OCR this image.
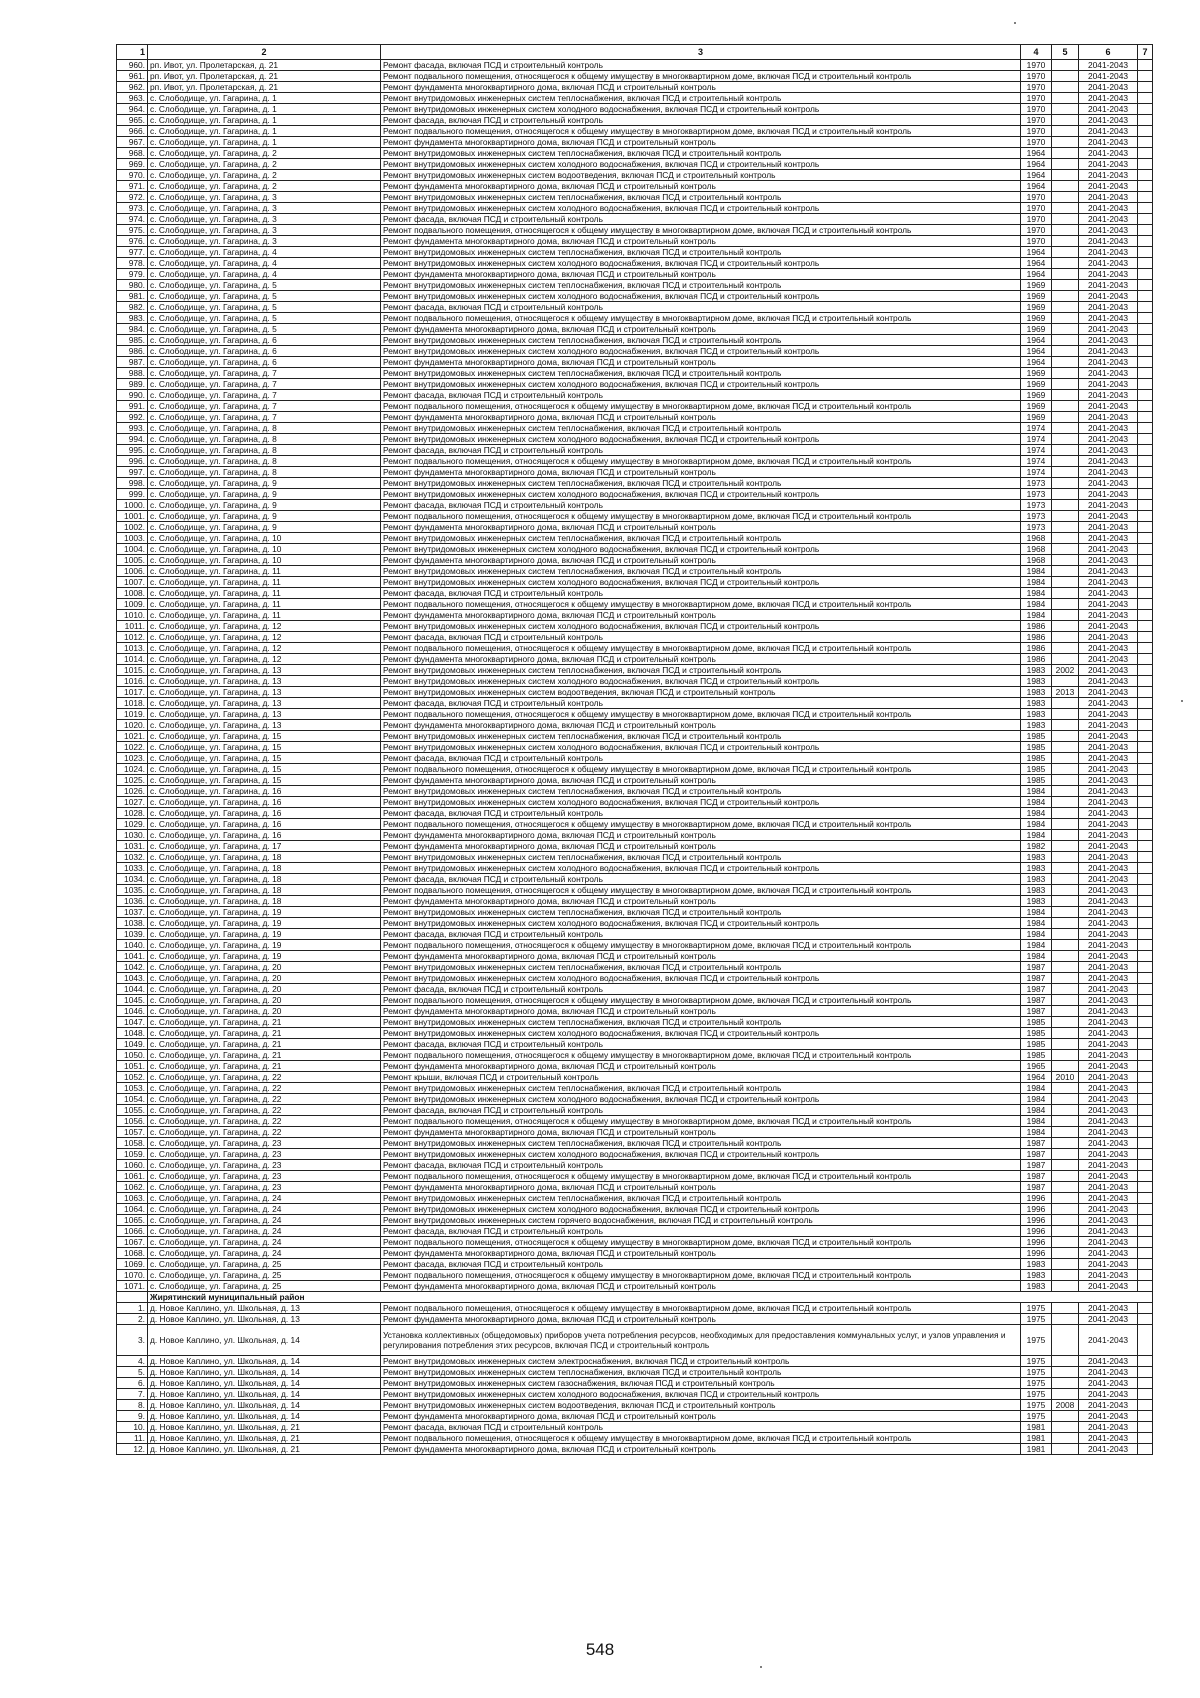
1	2	3	4	5	6	7
960.	рп. Ивот, ул. Пролетарская, д. 21	Ремонт фасада, включая ПСД и строительный контроль	1970		2041-2043	
961.	рп. Ивот, ул. Пролетарская, д. 21	Ремонт подвального помещения, относящегося к общему имуществу в многоквартирном доме, включая ПСД и строительный контроль	1970		2041-2043	
962.	рп. Ивот, ул. Пролетарская, д. 21	Ремонт фундамента многоквартирного дома, включая ПСД и строительный контроль	1970		2041-2043	
963.	с. Слободище, ул. Гагарина, д. 1	Ремонт внутридомовых инженерных систем теплоснабжения, включая ПСД и строительный контроль	1970		2041-2043	
964.	с. Слободище, ул. Гагарина, д. 1	Ремонт внутридомовых инженерных систем холодного водоснабжения, включая ПСД и строительный контроль	1970		2041-2043	
965.	с. Слободище, ул. Гагарина, д. 1	Ремонт фасада, включая ПСД и строительный контроль	1970		2041-2043	
966.	с. Слободище, ул. Гагарина, д. 1	Ремонт подвального помещения, относящегося к общему имуществу в многоквартирном доме, включая ПСД и строительный контроль	1970		2041-2043	
967.	с. Слободище, ул. Гагарина, д. 1	Ремонт фундамента многоквартирного дома, включая ПСД и строительный контроль	1970		2041-2043	
968.	с. Слободище, ул. Гагарина, д. 2	Ремонт внутридомовых инженерных систем теплоснабжения, включая ПСД и строительный контроль	1964		2041-2043	
969.	с. Слободище, ул. Гагарина, д. 2	Ремонт внутридомовых инженерных систем холодного водоснабжения, включая ПСД и строительный контроль	1964		2041-2043	
970.	с. Слободище, ул. Гагарина, д. 2	Ремонт внутридомовых инженерных систем водоотведения, включая ПСД и строительный контроль	1964		2041-2043	
971.	с. Слободище, ул. Гагарина, д. 2	Ремонт фундамента многоквартирного дома, включая ПСД и строительный контроль	1964		2041-2043	
972.	с. Слободище, ул. Гагарина, д. 3	Ремонт внутридомовых инженерных систем теплоснабжения, включая ПСД и строительный контроль	1970		2041-2043	
973.	с. Слободище, ул. Гагарина, д. 3	Ремонт внутридомовых инженерных систем холодного водоснабжения, включая ПСД и строительный контроль	1970		2041-2043	
974.	с. Слободище, ул. Гагарина, д. 3	Ремонт фасада, включая ПСД и строительный контроль	1970		2041-2043	
975.	с. Слободище, ул. Гагарина, д. 3	Ремонт подвального помещения, относящегося к общему имуществу в многоквартирном доме, включая ПСД и строительный контроль	1970		2041-2043	
976.	с. Слободище, ул. Гагарина, д. 3	Ремонт фундамента многоквартирного дома, включая ПСД и строительный контроль	1970		2041-2043	
977.	с. Слободище, ул. Гагарина, д. 4	Ремонт внутридомовых инженерных систем теплоснабжения, включая ПСД и строительный контроль	1964		2041-2043	
978.	с. Слободище, ул. Гагарина, д. 4	Ремонт внутридомовых инженерных систем холодного водоснабжения, включая ПСД и строительный контроль	1964		2041-2043	
979.	с. Слободище, ул. Гагарина, д. 4	Ремонт фундамента многоквартирного дома, включая ПСД и строительный контроль	1964		2041-2043	
980.	с. Слободище, ул. Гагарина, д. 5	Ремонт внутридомовых инженерных систем теплоснабжения, включая ПСД и строительный контроль	1969		2041-2043	
981.	с. Слободище, ул. Гагарина, д. 5	Ремонт внутридомовых инженерных систем холодного водоснабжения, включая ПСД и строительный контроль	1969		2041-2043	
982.	с. Слободище, ул. Гагарина, д. 5	Ремонт фасада, включая ПСД и строительный контроль	1969		2041-2043	
983.	с. Слободище, ул. Гагарина, д. 5	Ремонт подвального помещения, относящегося к общему имуществу в многоквартирном доме, включая ПСД и строительный контроль	1969		2041-2043	
984.	с. Слободище, ул. Гагарина, д. 5	Ремонт фундамента многоквартирного дома, включая ПСД и строительный контроль	1969		2041-2043	
985.	с. Слободище, ул. Гагарина, д. 6	Ремонт внутридомовых инженерных систем теплоснабжения, включая ПСД и строительный контроль	1964		2041-2043	
986.	с. Слободище, ул. Гагарина, д. 6	Ремонт внутридомовых инженерных систем холодного водоснабжения, включая ПСД и строительный контроль	1964		2041-2043	
987.	с. Слободище, ул. Гагарина, д. 6	Ремонт фундамента многоквартирного дома, включая ПСД и строительный контроль	1964		2041-2043	
988.	с. Слободище, ул. Гагарина, д. 7	Ремонт внутридомовых инженерных систем теплоснабжения, включая ПСД и строительный контроль	1969		2041-2043	
989.	с. Слободище, ул. Гагарина, д. 7	Ремонт внутридомовых инженерных систем холодного водоснабжения, включая ПСД и строительный контроль	1969		2041-2043	
990.	с. Слободище, ул. Гагарина, д. 7	Ремонт фасада, включая ПСД и строительный контроль	1969		2041-2043	
991.	с. Слободище, ул. Гагарина, д. 7	Ремонт подвального помещения, относящегося к общему имуществу в многоквартирном доме, включая ПСД и строительный контроль	1969		2041-2043	
992.	с. Слободище, ул. Гагарина, д. 7	Ремонт фундамента многоквартирного дома, включая ПСД и строительный контроль	1969		2041-2043	
993.	с. Слободище, ул. Гагарина, д. 8	Ремонт внутридомовых инженерных систем теплоснабжения, включая ПСД и строительный контроль	1974		2041-2043	
994.	с. Слободище, ул. Гагарина, д. 8	Ремонт внутридомовых инженерных систем холодного водоснабжения, включая ПСД и строительный контроль	1974		2041-2043	
995.	с. Слободище, ул. Гагарина, д. 8	Ремонт фасада, включая ПСД и строительный контроль	1974		2041-2043	
996.	с. Слободище, ул. Гагарина, д. 8	Ремонт подвального помещения, относящегося к общему имуществу в многоквартирном доме, включая ПСД и строительный контроль	1974		2041-2043	
997.	с. Слободище, ул. Гагарина, д. 8	Ремонт фундамента многоквартирного дома, включая ПСД и строительный контроль	1974		2041-2043	
998.	с. Слободище, ул. Гагарина, д. 9	Ремонт внутридомовых инженерных систем теплоснабжения, включая ПСД и строительный контроль	1973		2041-2043	
999.	с. Слободище, ул. Гагарина, д. 9	Ремонт внутридомовых инженерных систем холодного водоснабжения, включая ПСД и строительный контроль	1973		2041-2043	
1000.	с. Слободище, ул. Гагарина, д. 9	Ремонт фасада, включая ПСД и строительный контроль	1973		2041-2043	
1001.	с. Слободище, ул. Гагарина, д. 9	Ремонт подвального помещения, относящегося к общему имуществу в многоквартирном доме, включая ПСД и строительный контроль	1973		2041-2043	
1002.	с. Слободище, ул. Гагарина, д. 9	Ремонт фундамента многоквартирного дома, включая ПСД и строительный контроль	1973		2041-2043	
1003.	с. Слободище, ул. Гагарина, д. 10	Ремонт внутридомовых инженерных систем теплоснабжения, включая ПСД и строительный контроль	1968		2041-2043	
1004.	с. Слободище, ул. Гагарина, д. 10	Ремонт внутридомовых инженерных систем холодного водоснабжения, включая ПСД и строительный контроль	1968		2041-2043	
1005.	с. Слободище, ул. Гагарина, д. 10	Ремонт фундамента многоквартирного дома, включая ПСД и строительный контроль	1968		2041-2043	
1006.	с. Слободище, ул. Гагарина, д. 11	Ремонт внутридомовых инженерных систем теплоснабжения, включая ПСД и строительный контроль	1984		2041-2043	
1007.	с. Слободище, ул. Гагарина, д. 11	Ремонт внутридомовых инженерных систем холодного водоснабжения, включая ПСД и строительный контроль	1984		2041-2043	
1008.	с. Слободище, ул. Гагарина, д. 11	Ремонт фасада, включая ПСД и строительный контроль	1984		2041-2043	
1009.	с. Слободище, ул. Гагарина, д. 11	Ремонт подвального помещения, относящегося к общему имуществу в многоквартирном доме, включая ПСД и строительный контроль	1984		2041-2043	
1010.	с. Слободище, ул. Гагарина, д. 11	Ремонт фундамента многоквартирного дома, включая ПСД и строительный контроль	1984		2041-2043	
1011.	с. Слободище, ул. Гагарина, д. 12	Ремонт внутридомовых инженерных систем холодного водоснабжения, включая ПСД и строительный контроль	1986		2041-2043	
1012.	с. Слободище, ул. Гагарина, д. 12	Ремонт фасада, включая ПСД и строительный контроль	1986		2041-2043	
1013.	с. Слободище, ул. Гагарина, д. 12	Ремонт подвального помещения, относящегося к общему имуществу в многоквартирном доме, включая ПСД и строительный контроль	1986		2041-2043	
1014.	с. Слободище, ул. Гагарина, д. 12	Ремонт фундамента многоквартирного дома, включая ПСД и строительный контроль	1986		2041-2043	
1015.	с. Слободище, ул. Гагарина, д. 13	Ремонт внутридомовых инженерных систем теплоснабжения, включая ПСД и строительный контроль	1983	2002	2041-2043	
1016.	с. Слободище, ул. Гагарина, д. 13	Ремонт внутридомовых инженерных систем холодного водоснабжения, включая ПСД и строительный контроль	1983		2041-2043	
1017.	с. Слободище, ул. Гагарина, д. 13	Ремонт внутридомовых инженерных систем водоотведения, включая ПСД и строительный контроль	1983	2013	2041-2043	
1018.	с. Слободище, ул. Гагарина, д. 13	Ремонт фасада, включая ПСД и строительный контроль	1983		2041-2043	
1019.	с. Слободище, ул. Гагарина, д. 13	Ремонт подвального помещения, относящегося к общему имуществу в многоквартирном доме, включая ПСД и строительный контроль	1983		2041-2043	
1020.	с. Слободище, ул. Гагарина, д. 13	Ремонт фундамента многоквартирного дома, включая ПСД и строительный контроль	1983		2041-2043	
1021.	с. Слободище, ул. Гагарина, д. 15	Ремонт внутридомовых инженерных систем теплоснабжения, включая ПСД и строительный контроль	1985		2041-2043	
1022.	с. Слободище, ул. Гагарина, д. 15	Ремонт внутридомовых инженерных систем холодного водоснабжения, включая ПСД и строительный контроль	1985		2041-2043	
1023.	с. Слободище, ул. Гагарина, д. 15	Ремонт фасада, включая ПСД и строительный контроль	1985		2041-2043	
1024.	с. Слободище, ул. Гагарина, д. 15	Ремонт подвального помещения, относящегося к общему имуществу в многоквартирном доме, включая ПСД и строительный контроль	1985		2041-2043	
1025.	с. Слободище, ул. Гагарина, д. 15	Ремонт фундамента многоквартирного дома, включая ПСД и строительный контроль	1985		2041-2043	
1026.	с. Слободище, ул. Гагарина, д. 16	Ремонт внутридомовых инженерных систем теплоснабжения, включая ПСД и строительный контроль	1984		2041-2043	
1027.	с. Слободище, ул. Гагарина, д. 16	Ремонт внутридомовых инженерных систем холодного водоснабжения, включая ПСД и строительный контроль	1984		2041-2043	
1028.	с. Слободище, ул. Гагарина, д. 16	Ремонт фасада, включая ПСД и строительный контроль	1984		2041-2043	
1029.	с. Слободище, ул. Гагарина, д. 16	Ремонт подвального помещения, относящегося к общему имуществу в многоквартирном доме, включая ПСД и строительный контроль	1984		2041-2043	
1030.	с. Слободище, ул. Гагарина, д. 16	Ремонт фундамента многоквартирного дома, включая ПСД и строительный контроль	1984		2041-2043	
1031.	с. Слободище, ул. Гагарина, д. 17	Ремонт фундамента многоквартирного дома, включая ПСД и строительный контроль	1982		2041-2043	
1032.	с. Слободище, ул. Гагарина, д. 18	Ремонт внутридомовых инженерных систем теплоснабжения, включая ПСД и строительный контроль	1983		2041-2043	
1033.	с. Слободище, ул. Гагарина, д. 18	Ремонт внутридомовых инженерных систем холодного водоснабжения, включая ПСД и строительный контроль	1983		2041-2043	
1034.	с. Слободище, ул. Гагарина, д. 18	Ремонт фасада, включая ПСД и строительный контроль	1983		2041-2043	
1035.	с. Слободище, ул. Гагарина, д. 18	Ремонт подвального помещения, относящегося к общему имуществу в многоквартирном доме, включая ПСД и строительный контроль	1983		2041-2043	
1036.	с. Слободище, ул. Гагарина, д. 18	Ремонт фундамента многоквартирного дома, включая ПСД и строительный контроль	1983		2041-2043	
1037.	с. Слободище, ул. Гагарина, д. 19	Ремонт внутридомовых инженерных систем теплоснабжения, включая ПСД и строительный контроль	1984		2041-2043	
1038.	с. Слободище, ул. Гагарина, д. 19	Ремонт внутридомовых инженерных систем холодного водоснабжения, включая ПСД и строительный контроль	1984		2041-2043	
1039.	с. Слободище, ул. Гагарина, д. 19	Ремонт фасада, включая ПСД и строительный контроль	1984		2041-2043	
1040.	с. Слободище, ул. Гагарина, д. 19	Ремонт подвального помещения, относящегося к общему имуществу в многоквартирном доме, включая ПСД и строительный контроль	1984		2041-2043	
1041.	с. Слободище, ул. Гагарина, д. 19	Ремонт фундамента многоквартирного дома, включая ПСД и строительный контроль	1984		2041-2043	
1042.	с. Слободище, ул. Гагарина, д. 20	Ремонт внутридомовых инженерных систем теплоснабжения, включая ПСД и строительный контроль	1987		2041-2043	
1043.	с. Слободище, ул. Гагарина, д. 20	Ремонт внутридомовых инженерных систем холодного водоснабжения, включая ПСД и строительный контроль	1987		2041-2043	
1044.	с. Слободище, ул. Гагарина, д. 20	Ремонт фасада, включая ПСД и строительный контроль	1987		2041-2043	
1045.	с. Слободище, ул. Гагарина, д. 20	Ремонт подвального помещения, относящегося к общему имуществу в многоквартирном доме, включая ПСД и строительный контроль	1987		2041-2043	
1046.	с. Слободище, ул. Гагарина, д. 20	Ремонт фундамента многоквартирного дома, включая ПСД и строительный контроль	1987		2041-2043	
1047.	с. Слободище, ул. Гагарина, д. 21	Ремонт внутридомовых инженерных систем теплоснабжения, включая ПСД и строительный контроль	1985		2041-2043	
1048.	с. Слободище, ул. Гагарина, д. 21	Ремонт внутридомовых инженерных систем холодного водоснабжения, включая ПСД и строительный контроль	1985		2041-2043	
1049.	с. Слободище, ул. Гагарина, д. 21	Ремонт фасада, включая ПСД и строительный контроль	1985		2041-2043	
1050.	с. Слободище, ул. Гагарина, д. 21	Ремонт подвального помещения, относящегося к общему имуществу в многоквартирном доме, включая ПСД и строительный контроль	1985		2041-2043	
1051.	с. Слободище, ул. Гагарина, д. 21	Ремонт фундамента многоквартирного дома, включая ПСД и строительный контроль	1965		2041-2043	
1052.	с. Слободище, ул. Гагарина, д. 22	Ремонт крыши, включая ПСД и строительный контроль	1964	2010	2041-2043	
1053.	с. Слободище, ул. Гагарина, д. 22	Ремонт внутридомовых инженерных систем теплоснабжения, включая ПСД и строительный контроль	1984		2041-2043	
1054.	с. Слободище, ул. Гагарина, д. 22	Ремонт внутридомовых инженерных систем холодного водоснабжения, включая ПСД и строительный контроль	1984		2041-2043	
1055.	с. Слободище, ул. Гагарина, д. 22	Ремонт фасада, включая ПСД и строительный контроль	1984		2041-2043	
1056.	с. Слободище, ул. Гагарина, д. 22	Ремонт подвального помещения, относящегося к общему имуществу в многоквартирном доме, включая ПСД и строительный контроль	1984		2041-2043	
1057.	с. Слободище, ул. Гагарина, д. 22	Ремонт фундамента многоквартирного дома, включая ПСД и строительный контроль	1984		2041-2043	
1058.	с. Слободище, ул. Гагарина, д. 23	Ремонт внутридомовых инженерных систем теплоснабжения, включая ПСД и строительный контроль	1987		2041-2043	
1059.	с. Слободище, ул. Гагарина, д. 23	Ремонт внутридомовых инженерных систем холодного водоснабжения, включая ПСД и строительный контроль	1987		2041-2043	
1060.	с. Слободище, ул. Гагарина, д. 23	Ремонт фасада, включая ПСД и строительный контроль	1987		2041-2043	
1061.	с. Слободище, ул. Гагарина, д. 23	Ремонт подвального помещения, относящегося к общему имуществу в многоквартирном доме, включая ПСД и строительный контроль	1987		2041-2043	
1062.	с. Слободище, ул. Гагарина, д. 23	Ремонт фундамента многоквартирного дома, включая ПСД и строительный контроль	1987		2041-2043	
1063.	с. Слободище, ул. Гагарина, д. 24	Ремонт внутридомовых инженерных систем теплоснабжения, включая ПСД и строительный контроль	1996		2041-2043	
1064.	с. Слободище, ул. Гагарина, д. 24	Ремонт внутридомовых инженерных систем холодного водоснабжения, включая ПСД и строительный контроль	1996		2041-2043	
1065.	с. Слободище, ул. Гагарина, д. 24	Ремонт внутридомовых инженерных систем горячего водоснабжения, включая ПСД и строительный контроль	1996		2041-2043	
1066.	с. Слободище, ул. Гагарина, д. 24	Ремонт фасада, включая ПСД и строительный контроль	1996		2041-2043	
1067.	с. Слободище, ул. Гагарина, д. 24	Ремонт подвального помещения, относящегося к общему имуществу в многоквартирном доме, включая ПСД и строительный контроль	1996		2041-2043	
1068.	с. Слободище, ул. Гагарина, д. 24	Ремонт фундамента многоквартирного дома, включая ПСД и строительный контроль	1996		2041-2043	
1069.	с. Слободище, ул. Гагарина, д. 25	Ремонт фасада, включая ПСД и строительный контроль	1983		2041-2043	
1070.	с. Слободище, ул. Гагарина, д. 25	Ремонт подвального помещения, относящегося к общему имуществу в многоквартирном доме, включая ПСД и строительный контроль	1983		2041-2043	
1071.	с. Слободище, ул. Гагарина, д. 25	Ремонт фундамента многоквартирного дома, включая ПСД и строительный контроль	1983		2041-2043	
	Жирятинский муниципальный район					
1.	д. Новое Каплино, ул. Школьная, д. 13	Ремонт подвального помещения, относящегося к общему имуществу в многоквартирном доме, включая ПСД и строительный контроль	1975		2041-2043	
2.	д. Новое Каплино, ул. Школьная, д. 13	Ремонт фундамента многоквартирного дома, включая ПСД и строительный контроль	1975		2041-2043	
3.	д. Новое Каплино, ул. Школьная, д. 14	Установка коллективных (общедомовых) приборов учета потребления ресурсов, необходимых для предоставления коммунальных услуг, и узлов управления и регулирования потребления этих ресурсов, включая ПСД и строительный контроль	1975		2041-2043	
4.	д. Новое Каплино, ул. Школьная, д. 14	Ремонт внутридомовых инженерных систем электроснабжения, включая ПСД и строительный контроль	1975		2041-2043	
5.	д. Новое Каплино, ул. Школьная, д. 14	Ремонт внутридомовых инженерных систем теплоснабжения, включая ПСД и строительный контроль	1975		2041-2043	
6.	д. Новое Каплино, ул. Школьная, д. 14	Ремонт внутридомовых инженерных систем газоснабжения, включая ПСД и строительный контроль	1975		2041-2043	
7.	д. Новое Каплино, ул. Школьная, д. 14	Ремонт внутридомовых инженерных систем холодного водоснабжения, включая ПСД и строительный контроль	1975		2041-2043	
8.	д. Новое Каплино, ул. Школьная, д. 14	Ремонт внутридомовых инженерных систем водоотведения, включая ПСД и строительный контроль	1975	2008	2041-2043	
9.	д. Новое Каплино, ул. Школьная, д. 14	Ремонт фундамента многоквартирного дома, включая ПСД и строительный контроль	1975		2041-2043	
10.	д. Новое Каплино, ул. Школьная, д. 21	Ремонт фасада, включая ПСД и строительный контроль	1981		2041-2043	
11.	д. Новое Каплино, ул. Школьная, д. 21	Ремонт подвального помещения, относящегося к общему имуществу в многоквартирном доме, включая ПСД и строительный контроль	1981		2041-2043	
12.	д. Новое Каплино, ул. Школьная, д. 21	Ремонт фундамента многоквартирного дома, включая ПСД и строительный контроль	1981		2041-2043	
548
